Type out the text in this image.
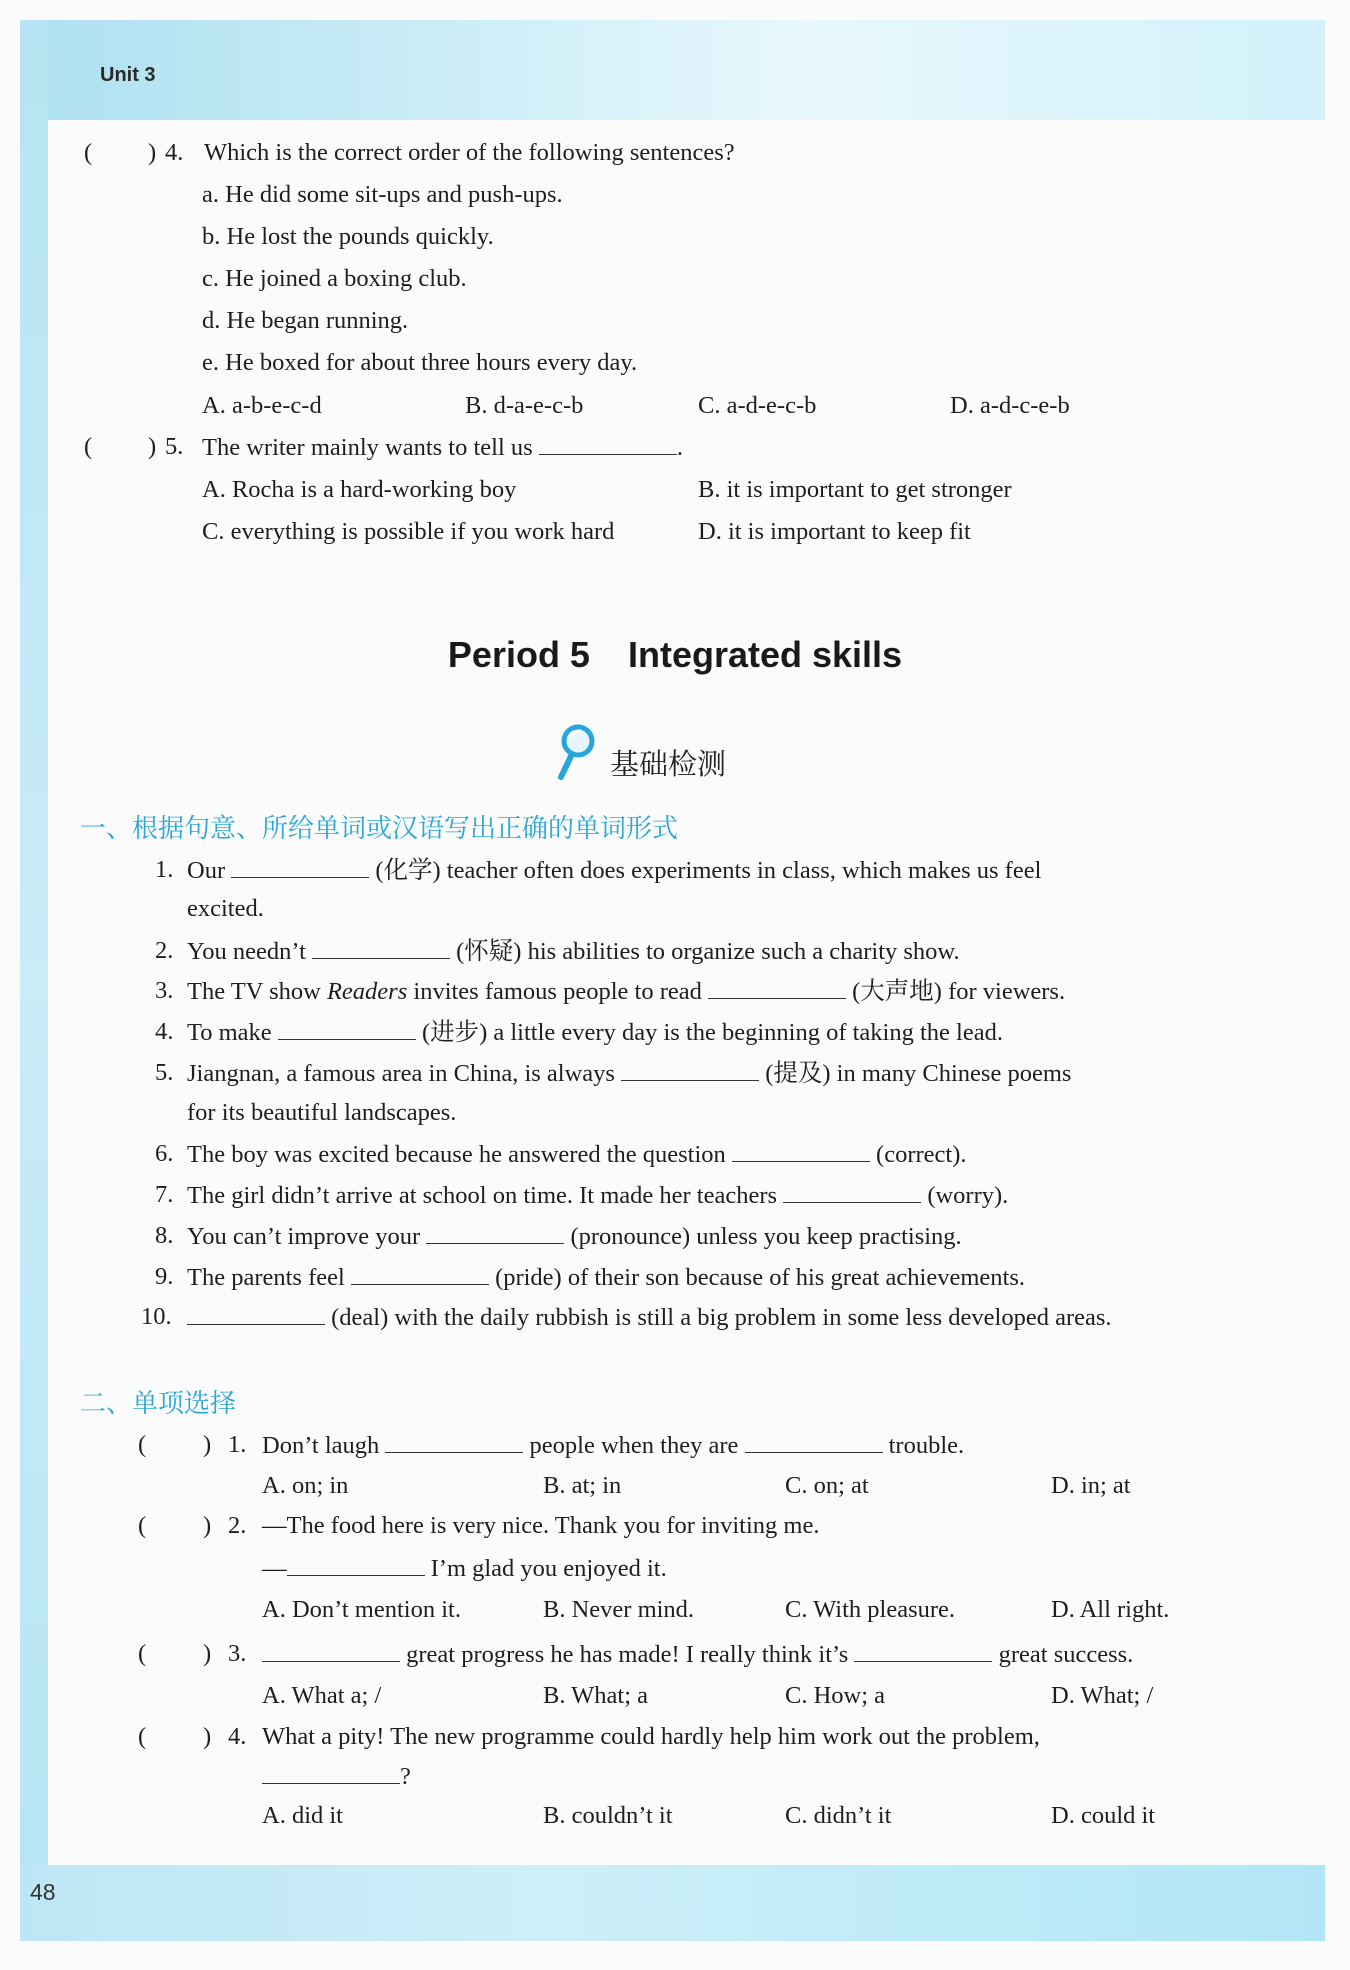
Unit 3
( ) 4. Which is the correct order of the following sentences?
a. He did some sit-ups and push-ups.
b. He lost the pounds quickly.
c. He joined a boxing club.
d. He began running.
e. He boxed for about three hours every day.
A. a-b-e-c-d	B. d-a-e-c-b	C. a-d-e-c-b	D. a-d-c-e-b
( ) 5. The writer mainly wants to tell us	.
A. Rocha is a hard-working boy	B. it is important to get stronger
C. everything is possible if you work hard	D. it is important to keep fit
Period 5 Integrated skills
基础检测
一、根据句意、所给单词或汉语写出正确的单词形式
1. Our	(化学) teacher often does experiments in class, which makes us feel
excited.
2. You needn’t	(怀疑) his abilities to organize such a charity show.
3. The TV show Readers invites famous people to read	(大声地) for viewers.
4. To make	(进步) a little every day is the beginning of taking the lead.
5. Jiangnan, a famous area in China, is always	(提及) in many Chinese poems
for its beautiful landscapes.
6. The boy was excited because he answered the question	(correct).
7. The girl didn’t arrive at school on time. It made her teachers	(worry).
8. You can’t improve your	(pronounce) unless you keep practising.
9. The parents feel	(pride) of their son because of his great achievements.
10.	(deal) with the daily rubbish is still a big problem in some less developed areas.
二、单项选择
( ) 1. Don’t laugh	people when they are	trouble.
A. on; in	B. at; in	C. on; at	D. in; at
( ) 2. —The food here is very nice. Thank you for inviting me.
—	I’m glad you enjoyed it.
A. Don’t mention it.	B. Never mind.	C. With pleasure.	D. All right.
( ) 3.	great progress he has made! I really think it’s	great success.
A. What a; /	B. What; a	C. How; a	D. What; /
( ) 4. What a pity! The new programme could hardly help him work out the problem,
?
A. did it	B. couldn’t it	C. didn’t it	D. could it
48
